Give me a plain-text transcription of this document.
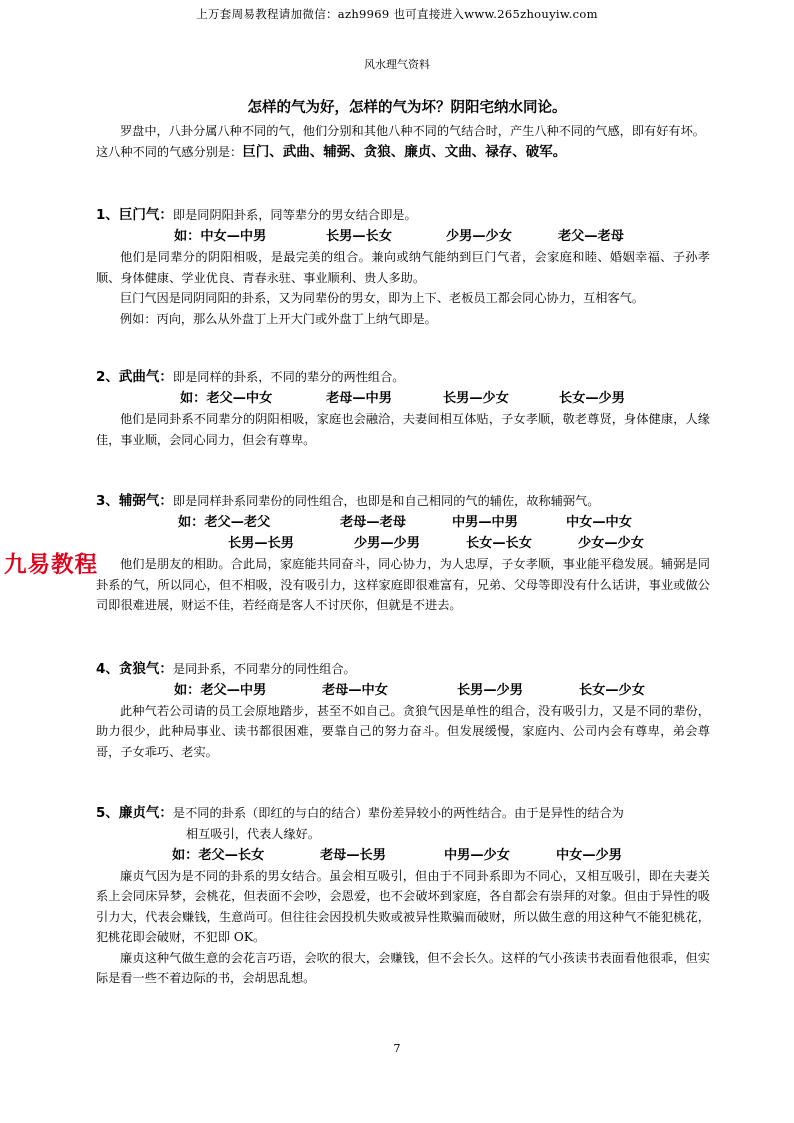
上万套周易教程请加微信：azh9969 也可直接进入www.265zhouyiw.com
风水理气资料
怎样的气为好，怎样的气为坏？阴阳宅纳水同论。

罗盘中，八卦分属八种不同的气，他们分别和其他八种不同的气结合时，产生八种不同的气感，即有好有坏。

这八种不同的气感分别是：巨门、武曲、辅弼、贪狼、廉贞、文曲、禄存、破军。
1、巨门气：即是同阴阳卦系，同等辈分的男女结合即是。
如：中女—中男	长男—长女	少男—少女	老父—老母

他们是同辈分的阴阳相吸，是最完美的组合。兼向或纳气能纳到巨门气者，会家庭和睦、婚姻幸福、子孙孝顺、身体健康、学业优良、青春永驻、事业顺利、贵人多助。

巨门气因是同阴同阳的卦系，又为同辈份的男女，即为上下、老板员工都会同心协力，互相客气。

例如：丙向，那么从外盘丁上开大门或外盘丁上纳气即是。

2、武曲气：即是同样的卦系，不同的辈分的两性组合。
如：老父—中女	老母—中男	长男—少女	长女—少男

他们是同卦系不同辈分的阴阳相吸，家庭也会融洽，夫妻间相互体贴，子女孝顺，敬老尊贤，身体健康，人缘佳，事业顺，会同心同力，但会有尊卑。

3、辅弼气：即是同样卦系同辈份的同性组合，也即是和自己相同的气的辅佐，故称辅弼气。
如：老父—老父	老母—老母	中男—中男	中女—中女
长男—长男	少男—少男	长女—长女	少女—少女

他们是朋友的相助。合此局，家庭能共同奋斗，同心协力，为人忠厚，子女孝顺，事业能平稳发展。辅弼是同卦系的气，所以同心，但不相吸，没有吸引力，这样家庭即很难富有，兄弟、父母等即没有什么话讲，事业或做公司即很难进展，财运不佳，若经商是客人不讨厌你，但就是不进去。

4、贪狼气：是同卦系，不同辈分的同性组合。
如：老父—中男	老母—中女	长男—少男	长女—少女

此种气若公司请的员工会原地踏步，甚至不如自己。贪狼气因是单性的组合，没有吸引力，又是不同的辈份，助力很少，此种局事业、读书都很困难，要靠自己的努力奋斗。但发展缓慢，家庭内、公司内会有尊卑，弟会尊哥，子女乖巧、老实。

5、廉贞气：是不同的卦系（即红的与白的结合）辈份差异较小的两性结合。由于是异性的结合为
相互吸引，代表人缘好。
如：老父—长女	老母—长男	中男—少女	中女—少男

廉贞气因为是不同的卦系的男女结合。虽会相互吸引，但由于不同卦系即为不同心，又相互吸引，即在夫妻关系上会同床异梦，会桃花，但表面不会吵，会恩爱，也不会破坏到家庭，各自都会有崇拜的对象。但由于异性的吸引力大，代表会赚钱，生意尚可。但往往会因投机失败或被异性欺骗而破财，所以做生意的用这种气不能犯桃花，犯桃花即会破财，不犯即 OK。

廉贞这种气做生意的会花言巧语，会吹的很大，会赚钱，但不会长久。这样的气小孩读书表面看他很乖，但实际是看一些不着边际的书，会胡思乱想。

九易教程
7
